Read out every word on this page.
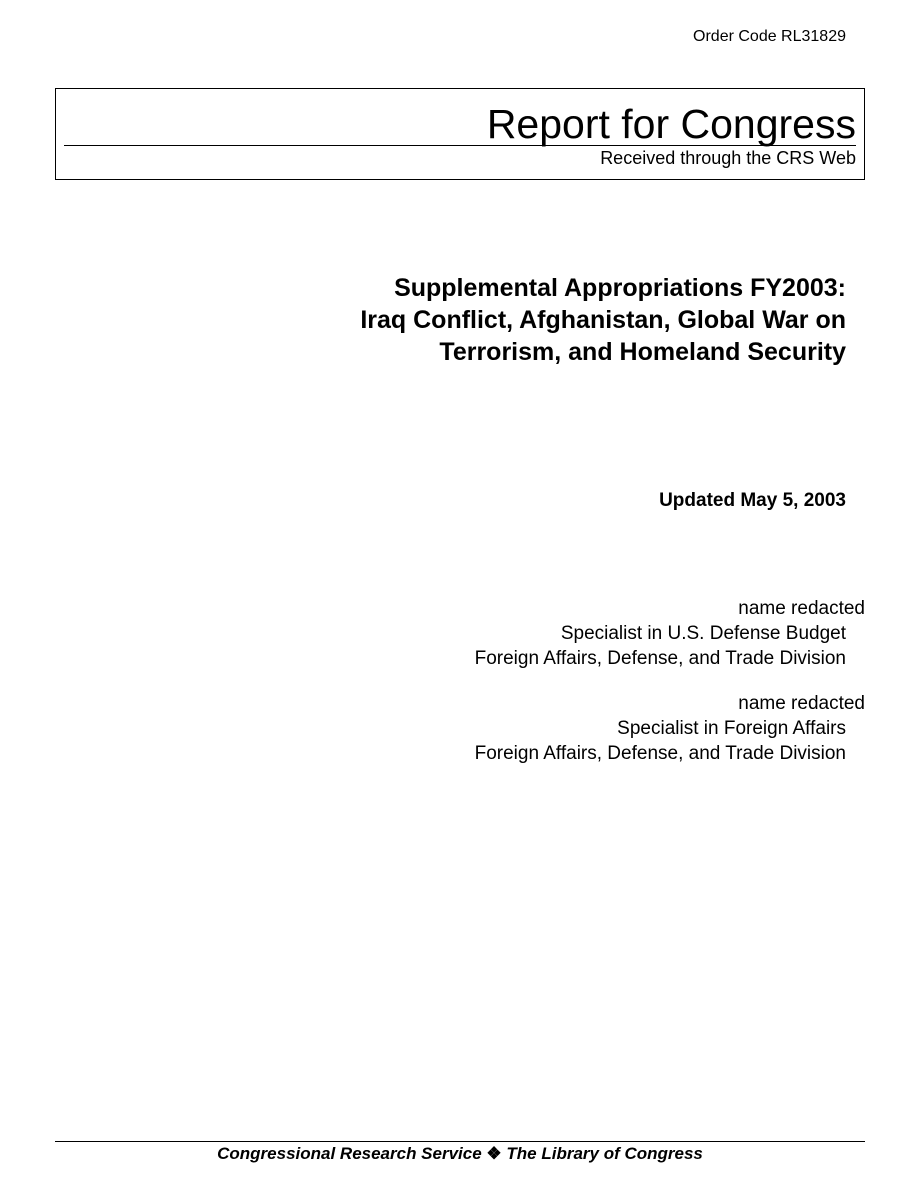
Order Code RL31829
Report for Congress
Received through the CRS Web
Supplemental Appropriations FY2003:
Iraq Conflict, Afghanistan, Global War on
Terrorism, and Homeland Security
Updated May 5, 2003
name redacted
Specialist in U.S. Defense Budget
Foreign Affairs, Defense, and Trade Division
name redacted
Specialist in Foreign Affairs
Foreign Affairs, Defense, and Trade Division
Congressional Research Service ❖ The Library of Congress
